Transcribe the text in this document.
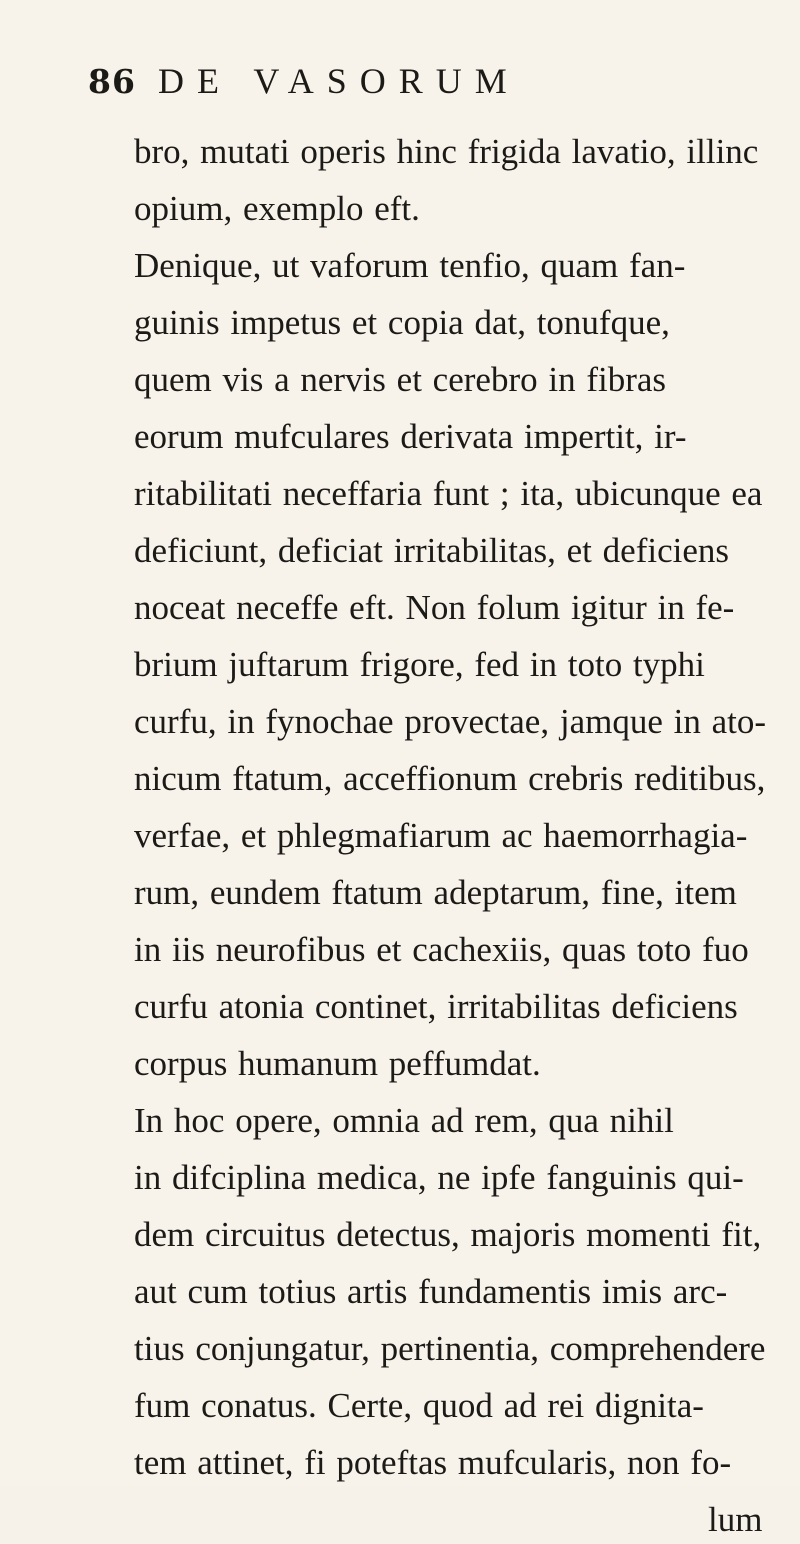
86 DE VASORUM
bro, mutati operis hinc frigida lavatio, illinc
opium, exemplo eft.
Denique, ut vaforum tenfio, quam fan-
guinis impetus et copia dat, tonufque,
quem vis a nervis et cerebro in fibras
eorum mufculares derivata impertit, ir-
ritabilitati neceffaria funt ; ita, ubicunque ea
deficiunt, deficiat irritabilitas, et deficiens
noceat neceffe eft. Non folum igitur in fe-
brium juftarum frigore, fed in toto typhi
curfu, in fynochae provectae, jamque in ato-
nicum ftatum, acceffionum crebris reditibus,
verfae, et phlegmafiarum ac haemorrhagia-
rum, eundem ftatum adeptarum, fine, item
in iis neurofibus et cachexiis, quas toto fuo
curfu atonia continet, irritabilitas deficiens
corpus humanum peffumdat.
In hoc opere, omnia ad rem, qua nihil
in difciplina medica, ne ipfe fanguinis qui-
dem circuitus detectus, majoris momenti fit,
aut cum totius artis fundamentis imis arc-
tius conjungatur, pertinentia, comprehendere
fum conatus. Certe, quod ad rei dignita-
tem attinet, fi poteftas mufcularis, non fo-
lum
